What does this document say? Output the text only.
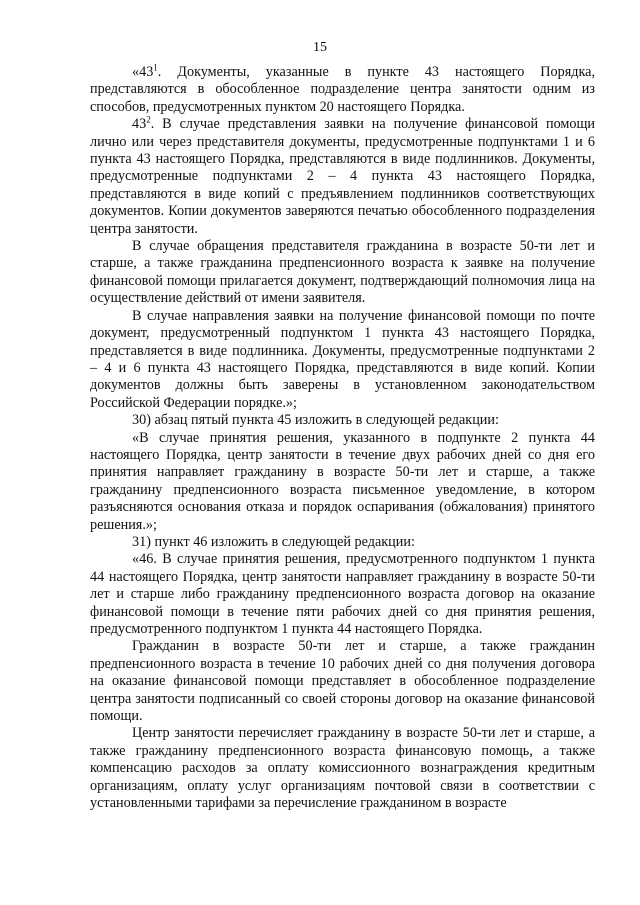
15

«$43^1$. Документы, указанные в пункте 43 настоящего Порядка, представляются в обособленное подразделение центра занятости одним из способов, предусмотренных пунктом 20 настоящего Порядка.

$43^2$. В случае представления заявки на получение финансовой помощи лично или через представителя документы, предусмотренные подпунктами 1 и 6 пункта 43 настоящего Порядка, представляются в виде подлинников. Документы, предусмотренные подпунктами 2 – 4 пункта 43 настоящего Порядка, представляются в виде копий с предъявлением подлинников соответствующих документов. Копии документов заверяются печатью обособленного подразделения центра занятости.

В случае обращения представителя гражданина в возрасте 50-ти лет и старше, а также гражданина предпенсионного возраста к заявке на получение финансовой помощи прилагается документ, подтверждающий полномочия лица на осуществление действий от имени заявителя.

В случае направления заявки на получение финансовой помощи по почте документ, предусмотренный подпунктом 1 пункта 43 настоящего Порядка, представляется в виде подлинника. Документы, предусмотренные подпунктами 2 – 4 и 6 пункта 43 настоящего Порядка, представляются в виде копий. Копии документов должны быть заверены в установленном законодательством Российской Федерации порядке.»;

30) абзац пятый пункта 45 изложить в следующей редакции:

«В случае принятия решения, указанного в подпункте 2 пункта 44 настоящего Порядка, центр занятости в течение двух рабочих дней со дня его принятия направляет гражданину в возрасте 50-ти лет и старше, а также гражданину предпенсионного возраста письменное уведомление, в котором разъясняются основания отказа и порядок оспаривания (обжалования) принятого решения.»;

31) пункт 46 изложить в следующей редакции:

«46. В случае принятия решения, предусмотренного подпунктом 1 пункта 44 настоящего Порядка, центр занятости направляет гражданину в возрасте 50-ти лет и старше либо гражданину предпенсионного возраста договор на оказание финансовой помощи в течение пяти рабочих дней со дня принятия решения, предусмотренного подпунктом 1 пункта 44 настоящего Порядка.

Гражданин в возрасте 50-ти лет и старше, а также гражданин предпенсионного возраста в течение 10 рабочих дней со дня получения договора на оказание финансовой помощи представляет в обособленное подразделение центра занятости подписанный со своей стороны договор на оказание финансовой помощи.

Центр занятости перечисляет гражданину в возрасте 50-ти лет и старше, а также гражданину предпенсионного возраста финансовую помощь, а также компенсацию расходов за оплату комиссионного вознаграждения кредитным организациям, оплату услуг организациям почтовой связи в соответствии с установленными тарифами за перечисление гражданином в возрасте
